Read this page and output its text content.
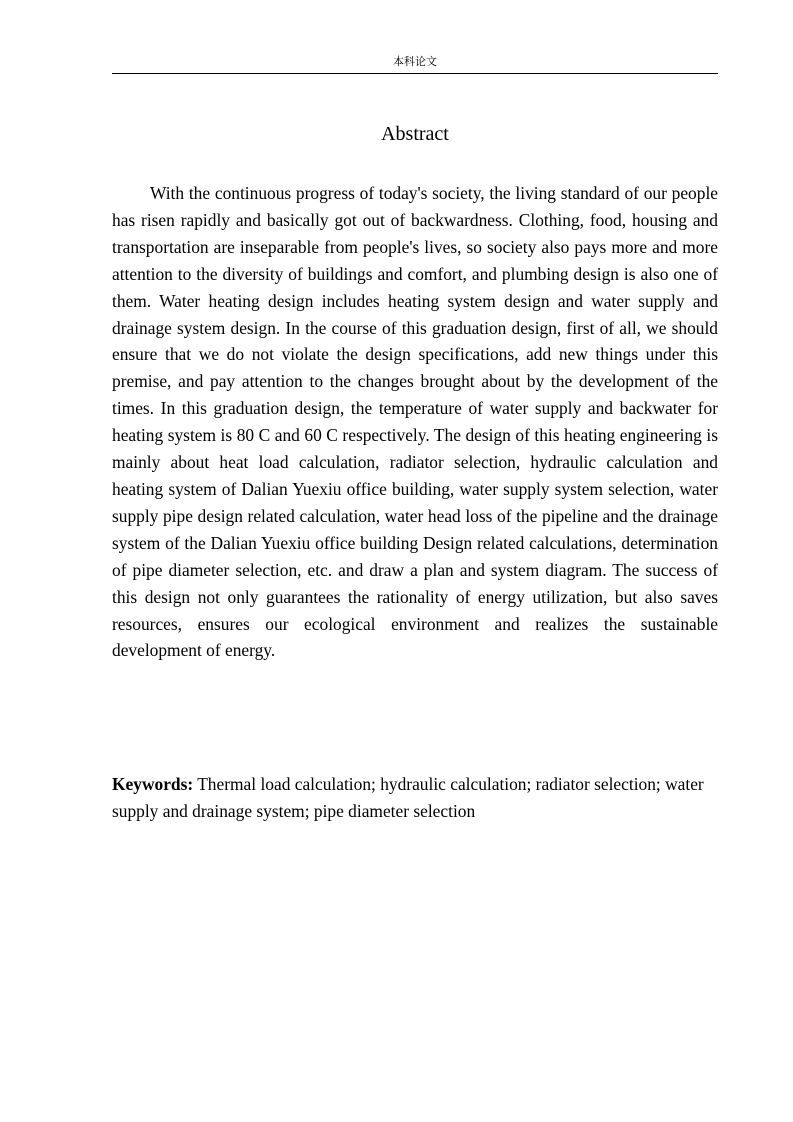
本科论文
Abstract

With the continuous progress of today's society, the living standard of our people has risen rapidly and basically got out of backwardness. Clothing, food, housing and transportation are inseparable from people's lives, so society also pays more and more attention to the diversity of buildings and comfort, and plumbing design is also one of them. Water heating design includes heating system design and water supply and drainage system design. In the course of this graduation design, first of all, we should ensure that we do not violate the design specifications, add new things under this premise, and pay attention to the changes brought about by the development of the times. In this graduation design, the temperature of water supply and backwater for heating system is 80 C and 60 C respectively. The design of this heating engineering is mainly about heat load calculation, radiator selection, hydraulic calculation and heating system of Dalian Yuexiu office building, water supply system selection, water supply pipe design related calculation, water head loss of the pipeline and the drainage system of the Dalian Yuexiu office building Design related calculations, determination of pipe diameter selection, etc. and draw a plan and system diagram. The success of this design not only guarantees the rationality of energy utilization, but also saves resources, ensures our ecological environment and realizes the sustainable development of energy.

Keywords: Thermal load calculation; hydraulic calculation; radiator selection; water supply and drainage system; pipe diameter selection
